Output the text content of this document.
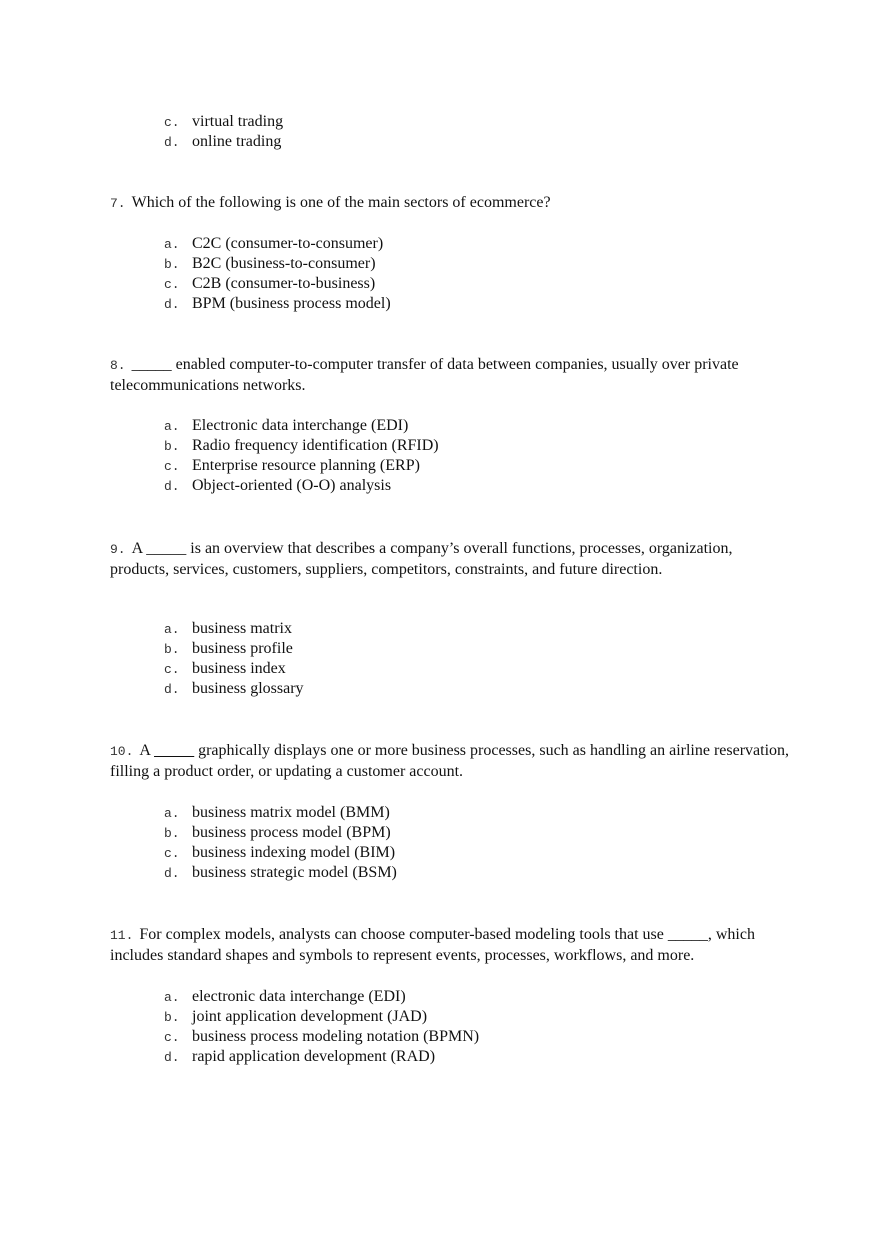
c. virtual trading
d. online trading

7. Which of the following is one of the main sectors of ecommerce?

a. C2C (consumer-to-consumer)
b. B2C (business-to-consumer)
c. C2B (consumer-to-business)
d. BPM (business process model)

8. _____ enabled computer-to-computer transfer of data between companies, usually over private telecommunications networks.

a. Electronic data interchange (EDI)
b. Radio frequency identification (RFID)
c. Enterprise resource planning (ERP)
d. Object-oriented (O-O) analysis

9. A _____ is an overview that describes a company’s overall functions, processes, organization, products, services, customers, suppliers, competitors, constraints, and future direction.

a. business matrix
b. business profile
c. business index
d. business glossary

10. A _____ graphically displays one or more business processes, such as handling an airline reservation, filling a product order, or updating a customer account.

a. business matrix model (BMM)
b. business process model (BPM)
c. business indexing model (BIM)
d. business strategic model (BSM)

11. For complex models, analysts can choose computer-based modeling tools that use _____, which includes standard shapes and symbols to represent events, processes, workflows, and more.

a. electronic data interchange (EDI)
b. joint application development (JAD)
c. business process modeling notation (BPMN)
d. rapid application development (RAD)
